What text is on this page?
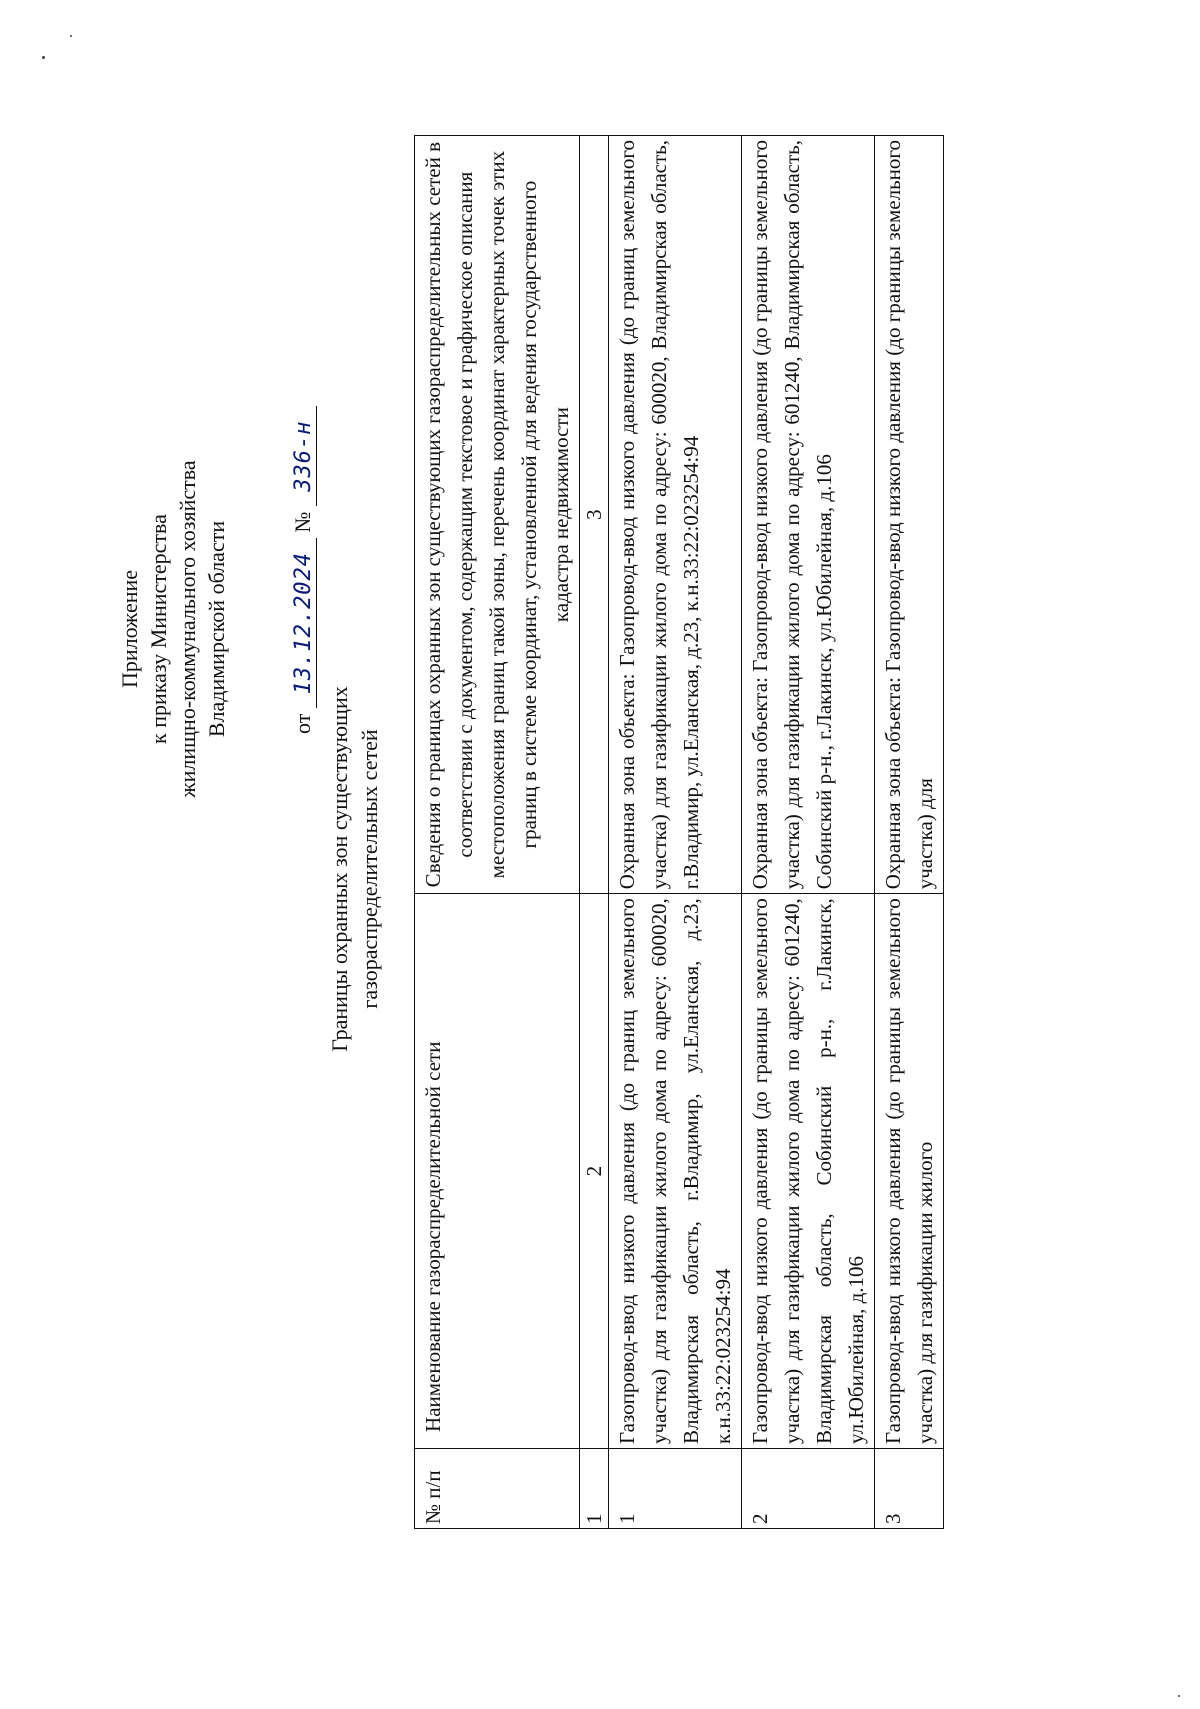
Приложение к приказу Министерства жилищно-коммунального хозяйства Владимирской области	от 13.12.2024 № 336-н
Границы охранных зон существующих газораспределительных сетей
№ п/п	Наименование газораспределительной сети	Сведения о границах охранных зон существующих газораспределительных сетей в соответствии с документом, содержащим текстовое и графическое описания местоположения границ такой зоны, перечень координат характерных точек этих границ в системе координат, установленной для ведения государственного кадастра недвижимости
1	2	3
1	Газопровод-ввод низкого давления (до границ земельного участка) для газификации жилого дома по адресу: 600020, Владимирская область, г.Владимир, ул.Еланская, д.23, к.н.33:22:023254:94	Охранная зона объекта: Газопровод-ввод низкого давления (до границ земельного участка) для газификации жилого дома по адресу: 600020, Владимирская область, г.Владимир, ул.Еланская, д.23, к.н.33:22:023254:94
2	Газопровод-ввод низкого давления (до границы земельного участка) для газификации жилого дома по адресу: 601240, Владимирская область, Собинский р-н., г.Лакинск, ул.Юбилейная, д.106	Охранная зона объекта: Газопровод-ввод низкого давления (до границы земельного участка) для газификации жилого дома по адресу: 601240, Владимирская область, Собинский р-н., г.Лакинск, ул.Юбилейная, д.106
3	Газопровод-ввод низкого давления (до границы земельного участка) для газификации жилого	Охранная зона объекта: Газопровод-ввод низкого давления (до границы земельного участка) для
